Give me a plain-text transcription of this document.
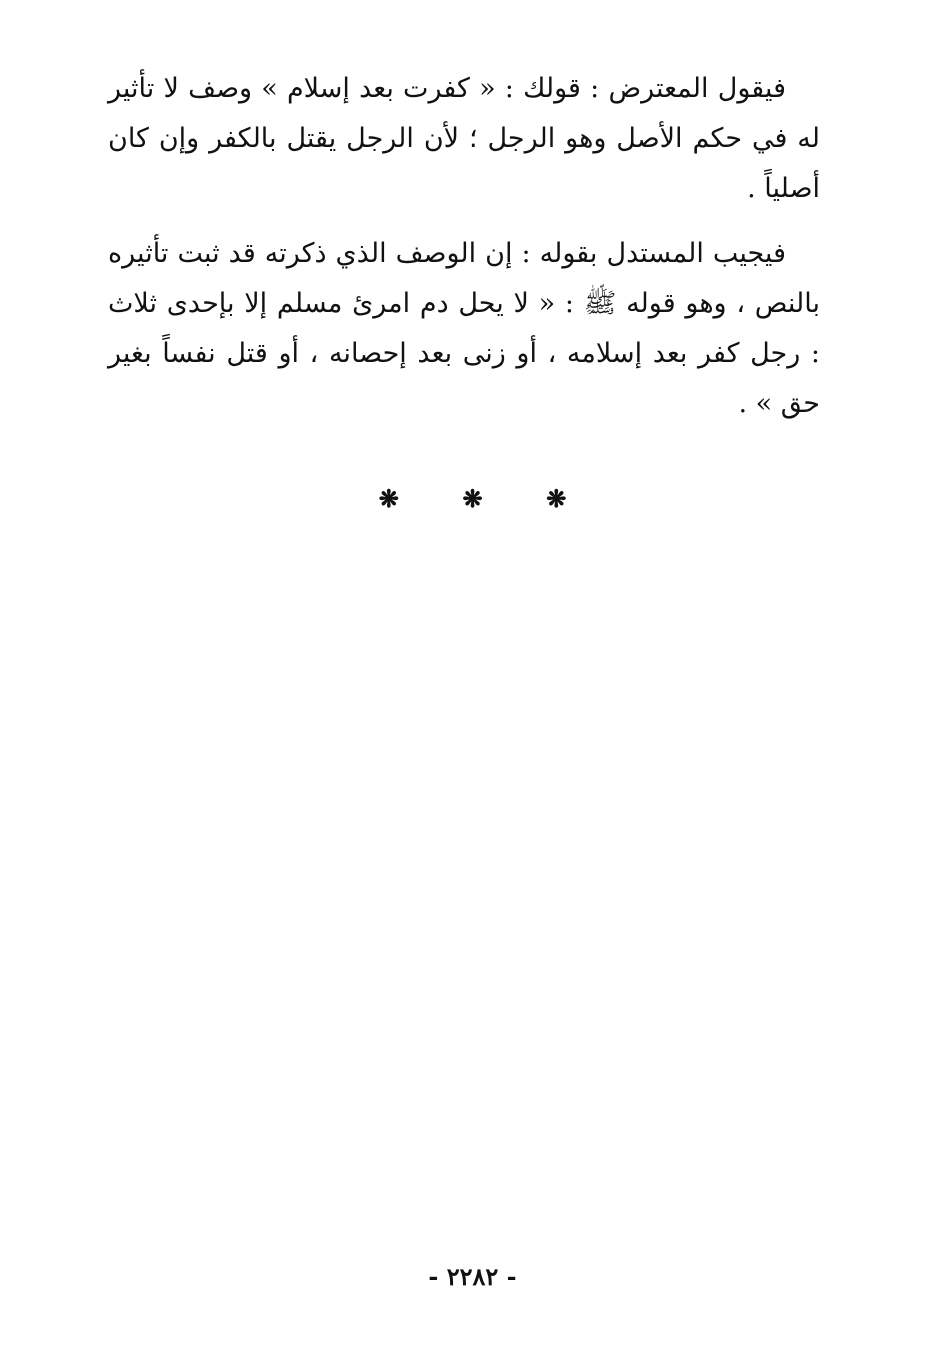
فيقول المعترض : قولك : « كفرت بعد إسلام » وصف لا تأثير له في حكم الأصل وهو الرجل ؛ لأن الرجل يقتل بالكفر وإن كان أصلياً .

فيجيب المستدل بقوله : إن الوصف الذي ذكرته قد ثبت تأثيره بالنص ، وهو قوله ﷺ : « لا يحل دم امرئ مسلم إلا بإحدى ثلاث : رجل كفر بعد إسلامه ، أو زنى بعد إحصانه ، أو قتل نفساً بغير حق » .

❋	❋	❋
- ٢٢٨٢ -
